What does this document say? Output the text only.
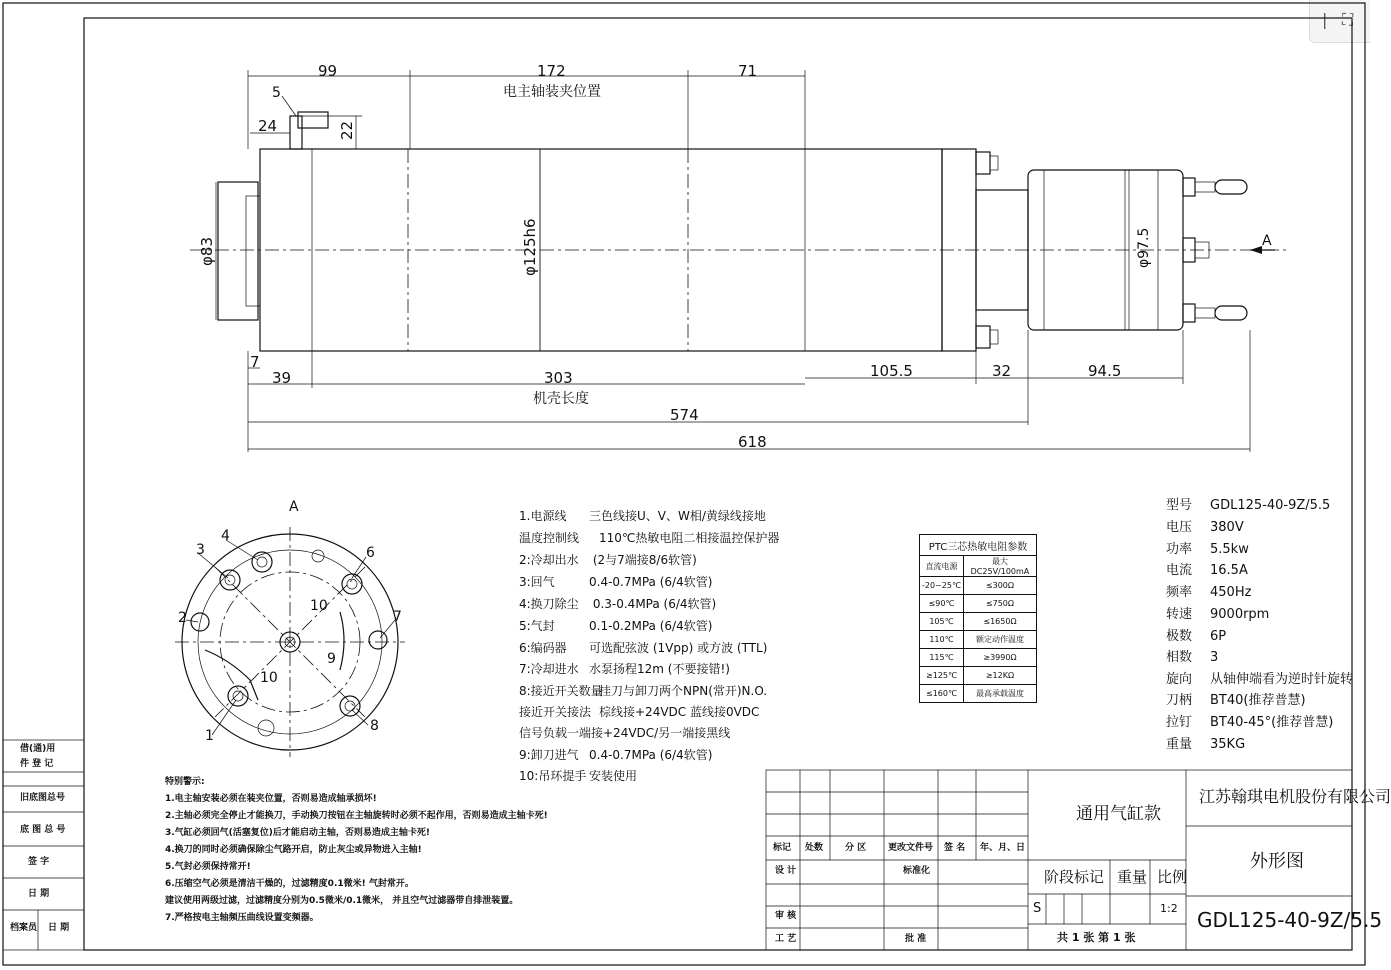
| ⛶
99	172	71
电主轴装夹位置
5
24	22
φ83	φ125h6	φ97.5	A
7
39	303
机壳长度
105.5	32	94.5
574
618
A
1
2
3
4
6
7
8
9
10
10
借(通)用
件 登 记
旧底图总号
底 图 总 号
签 字
日 期
档案员 日 期
1.电源线 三色线接U、V、W相/黄绿线接地
温度控制线 110℃热敏电阻二相接温控保护器
2:冷却出水 (2与7端接8/6软管)
3:回气	0.4-0.7MPa (6/4软管)
4:换刀除尘 0.3-0.4MPa (6/4软管)
5:气封	0.1-0.2MPa (6/4软管)
6:编码器 可选配弦波 (1Vpp) 或方波 (TTL)
7:冷却进水 水泵扬程12m (不要接错!)
8:接近开关数量挂刀与卸刀两个NPN(常开)N.O.
接近开关接法 棕线接+24VDC 蓝线接0VDC
信号负载一端接+24VDC/另一端接黑线
9:卸刀进气 0.4-0.7MPa (6/4软管)
10:吊环提手 安装使用
PTC三芯热敏电阻参数	
直流电源	最大DC25V/100mA
-20~25℃	≤300Ω
≤90℃	≤750Ω
105℃	≤1650Ω
110℃	额定动作温度
115℃	≥3990Ω
≥125℃	≥12KΩ
≤160℃	最高承载温度
型号 GDL125-40-9Z/5.5
电压 380V
功率 5.5kw
电流 16.5A
频率 450Hz
转速 9000rpm
极数 6P
相数 3
旋向 从轴伸端看为逆时针旋转
刀柄 BT40(推荐普慧)
拉钉 BT40-45°(推荐普慧)
重量 35KG
特别警示:
1.电主轴安装必须在装夹位置，否则易造成轴承损坏!
2.主轴必须完全停止才能换刀，手动换刀按钮在主轴旋转时必须不起作用，否则易造成主轴卡死!
3.气缸必须回气(活塞复位)后才能启动主轴，否则易造成主轴卡死!
4.换刀的同时必须确保除尘气路开启，防止灰尘或异物进入主轴!
5.气封必须保持常开!
6.压缩空气必须是清洁干燥的，过滤精度0.1微米! 气封常开。
建议使用两级过滤，过滤精度分别为0.5微米/0.1微米， 并且空气过滤器带自排泄装置。
7.严格按电主轴频压曲线设置变频器。
标记 处数 分 区 更改文件号 签 名 年、月、日
设 计	标准化
审 核
工 艺	批 准
通用气缸款
阶段标记 重量 比例
S	1:2
共 1 张 第 1 张
江苏翰琪电机股份有限公司
外形图
GDL125-40-9Z/5.5
